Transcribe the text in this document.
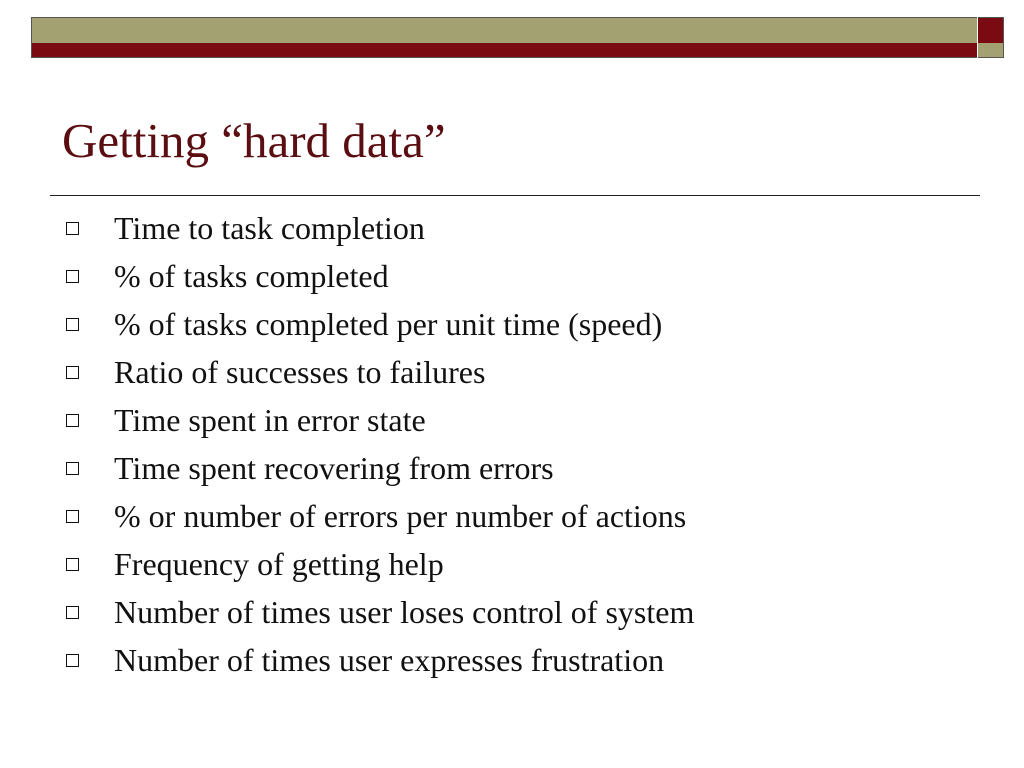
Getting “hard data”
Time to task completion
% of tasks completed
% of tasks completed per unit time (speed)
Ratio of successes to failures
Time spent in error state
Time spent recovering from errors
% or number of errors per number of actions
Frequency of getting help
Number of times user loses control of system
Number of times user expresses frustration
